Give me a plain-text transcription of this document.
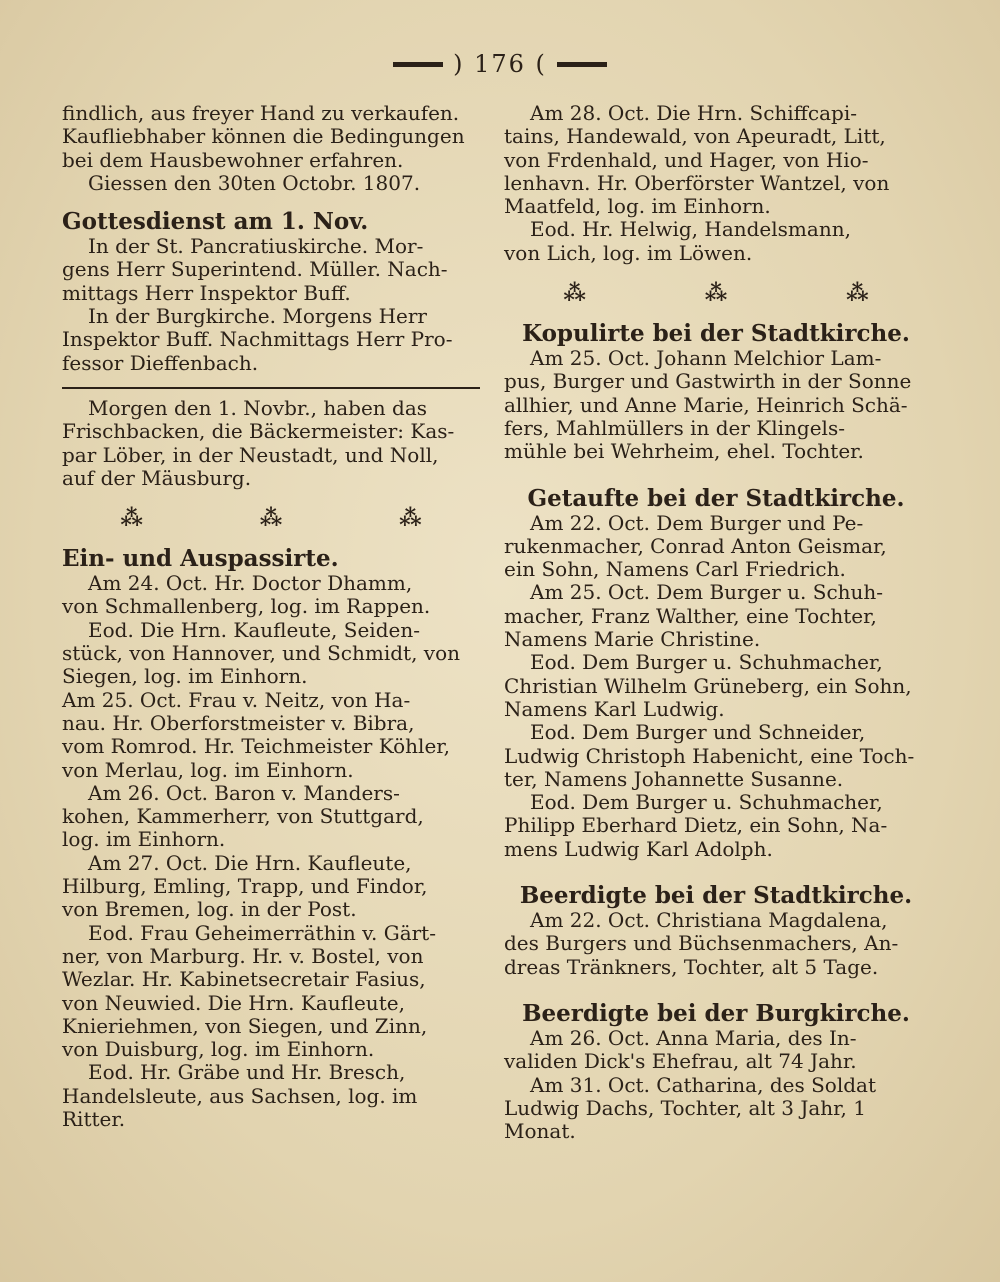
) 176 (

findlich, aus freyer Hand zu verkaufen.

Kaufliebhaber können die Bedingungen

bei dem Hausbewohner erfahren.

Giessen den 30ten Octobr. 1807.

Gottesdienst am 1. Nov.

In der St. Pancratiuskirche. Mor-

gens Herr Superintend. Müller. Nach-

mittags Herr Inspektor Buff.

In der Burgkirche. Morgens Herr

Inspektor Buff. Nachmittags Herr Pro-

fessor Dieffenbach.

Morgen den 1. Novbr., haben das

Frischbacken, die Bäckermeister: Kas-

par Löber, in der Neustadt, und Noll,

auf der Mäusburg.

⁂	⁂	⁂

Ein- und Auspassirte.

Am 24. Oct. Hr. Doctor Dhamm,

von Schmallenberg, log. im Rappen.

Eod. Die Hrn. Kaufleute, Seiden-

stück, von Hannover, und Schmidt, von

Siegen, log. im Einhorn.

Am 25. Oct. Frau v. Neitz, von Ha-

nau. Hr. Oberforstmeister v. Bibra,

vom Romrod. Hr. Teichmeister Köhler,

von Merlau, log. im Einhorn.

Am 26. Oct. Baron v. Manders-

kohen, Kammerherr, von Stuttgard,

log. im Einhorn.

Am 27. Oct. Die Hrn. Kaufleute,

Hilburg, Emling, Trapp, und Findor,

von Bremen, log. in der Post.

Eod. Frau Geheimerräthin v. Gärt-

ner, von Marburg. Hr. v. Bostel, von

Wezlar. Hr. Kabinetsecretair Fasius,

von Neuwied. Die Hrn. Kaufleute,

Knieriehmen, von Siegen, und Zinn,

von Duisburg, log. im Einhorn.

Eod. Hr. Gräbe und Hr. Bresch,

Handelsleute, aus Sachsen, log. im

Ritter.

Am 28. Oct. Die Hrn. Schiffcapi-

tains, Handewald, von Apeuradt, Litt,

von Frdenhald, und Hager, von Hio-

lenhavn. Hr. Oberförster Wantzel, von

Maatfeld, log. im Einhorn.

Eod. Hr. Helwig, Handelsmann,

von Lich, log. im Löwen.

⁂	⁂	⁂

Kopulirte bei der Stadtkirche.

Am 25. Oct. Johann Melchior Lam-

pus, Burger und Gastwirth in der Sonne

allhier, und Anne Marie, Heinrich Schä-

fers, Mahlmüllers in der Klingels-

mühle bei Wehrheim, ehel. Tochter.

Getaufte bei der Stadtkirche.

Am 22. Oct. Dem Burger und Pe-

rukenmacher, Conrad Anton Geismar,

ein Sohn, Namens Carl Friedrich.

Am 25. Oct. Dem Burger u. Schuh-

macher, Franz Walther, eine Tochter,

Namens Marie Christine.

Eod. Dem Burger u. Schuhmacher,

Christian Wilhelm Grüneberg, ein Sohn,

Namens Karl Ludwig.

Eod. Dem Burger und Schneider,

Ludwig Christoph Habenicht, eine Toch-

ter, Namens Johannette Susanne.

Eod. Dem Burger u. Schuhmacher,

Philipp Eberhard Dietz, ein Sohn, Na-

mens Ludwig Karl Adolph.

Beerdigte bei der Stadtkirche.

Am 22. Oct. Christiana Magdalena,

des Burgers und Büchsenmachers, An-

dreas Tränkners, Tochter, alt 5 Tage.

Beerdigte bei der Burgkirche.

Am 26. Oct. Anna Maria, des In-

validen Dick's Ehefrau, alt 74 Jahr.

Am 31. Oct. Catharina, des Soldat

Ludwig Dachs, Tochter, alt 3 Jahr, 1

Monat.
